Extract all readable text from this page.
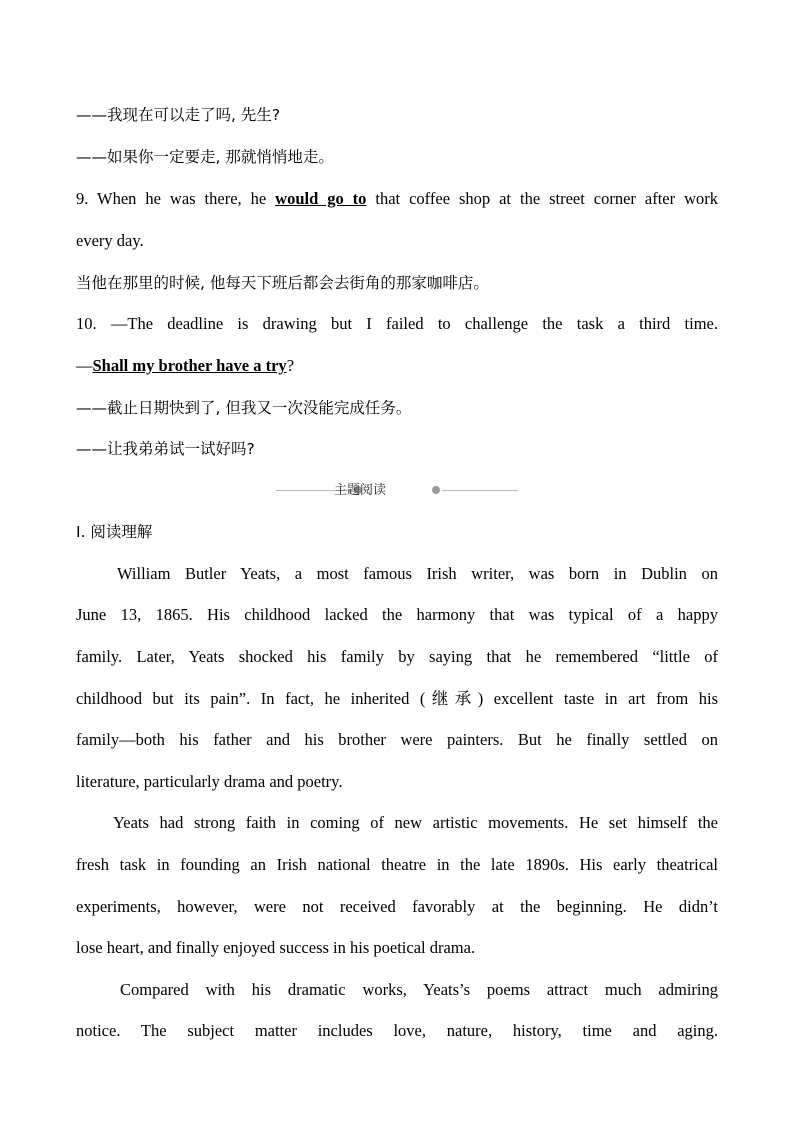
——我现在可以走了吗, 先生?
——如果你一定要走, 那就悄悄地走。
9. When he was there, he would go to that coffee shop at the street corner after work
every day.
当他在那里的时候, 他每天下班后都会去街角的那家咖啡店。
10. —The deadline is drawing but I failed to challenge the task a third time.
—Shall my brother have a try?
——截止日期快到了, 但我又一次没能完成任务。
——让我弟弟试一试好吗?
Ⅰ. 阅读理解
William Butler Yeats, a most famous Irish writer, was born in Dublin on
June 13, 1865. His childhood lacked the harmony that was typical of a happy
family. Later, Yeats shocked his family by saying that he remembered “little of
childhood but its pain”. In fact, he inherited (继承) excellent taste in art from his
family—both his father and his brother were painters. But he finally settled on
literature, particularly drama and poetry.
Yeats had strong faith in coming of new artistic movements. He set himself the
fresh task in founding an Irish national theatre in the late 1890s. His early theatrical
experiments, however, were not received favorably at the beginning. He didn’t
lose heart, and finally enjoyed success in his poetical drama.
Compared with his dramatic works, Yeats’s poems attract much admiring
notice. The subject matter includes love, nature, history, time and aging.
主题阅读
